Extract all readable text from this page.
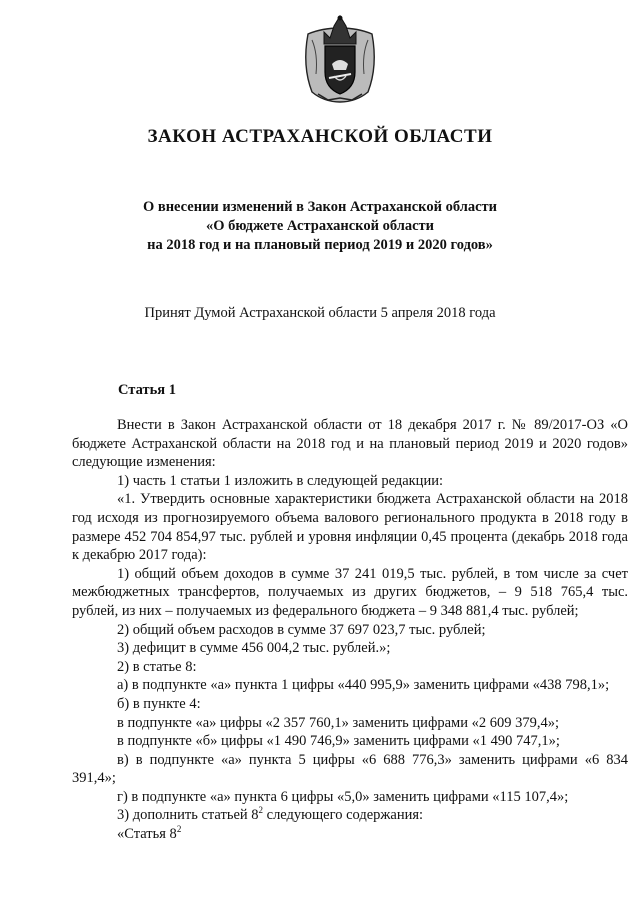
ЗАКОН АСТРАХАНСКОЙ ОБЛАСТИ
О внесении изменений в Закон Астраханской области
«О бюджете Астраханской области
на 2018 год и на плановый период 2019 и 2020 годов»
Принят Думой Астраханской области 5 апреля 2018 года
Статья 1

Внести в Закон Астраханской области от 18 декабря 2017 г. № 89/2017-ОЗ «О бюджете Астраханской области на 2018 год и на плановый период 2019 и 2020 годов» следующие изменения:

1) часть 1 статьи 1 изложить в следующей редакции:

«1. Утвердить основные характеристики бюджета Астраханской области на 2018 год исходя из прогнозируемого объема валового регионального продукта в 2018 году в размере 452 704 854,97 тыс. рублей и уровня инфляции 0,45 процента (декабрь 2018 года к декабрю 2017 года):

1) общий объем доходов в сумме 37 241 019,5 тыс. рублей, в том числе за счет межбюджетных трансфертов, получаемых из других бюджетов, – 9 518 765,4 тыс. рублей, из них – получаемых из федерального бюджета – 9 348 881,4 тыс. рублей;

2) общий объем расходов в сумме 37 697 023,7 тыс. рублей;

3) дефицит в сумме 456 004,2 тыс. рублей.»;

2) в статье 8:

а) в подпункте «а» пункта 1 цифры «440 995,9» заменить цифрами «438 798,1»;

б) в пункте 4:

в подпункте «а» цифры «2 357 760,1» заменить цифрами «2 609 379,4»;

в подпункте «б» цифры «1 490 746,9» заменить цифрами «1 490 747,1»;

в) в подпункте «а» пункта 5 цифры «6 688 776,3» заменить цифрами «6 834 391,4»;

г) в подпункте «а» пункта 6 цифры «5,0» заменить цифрами «115 107,4»;

3) дополнить статьей $8^2$ следующего содержания:

«Статья $8^2$
